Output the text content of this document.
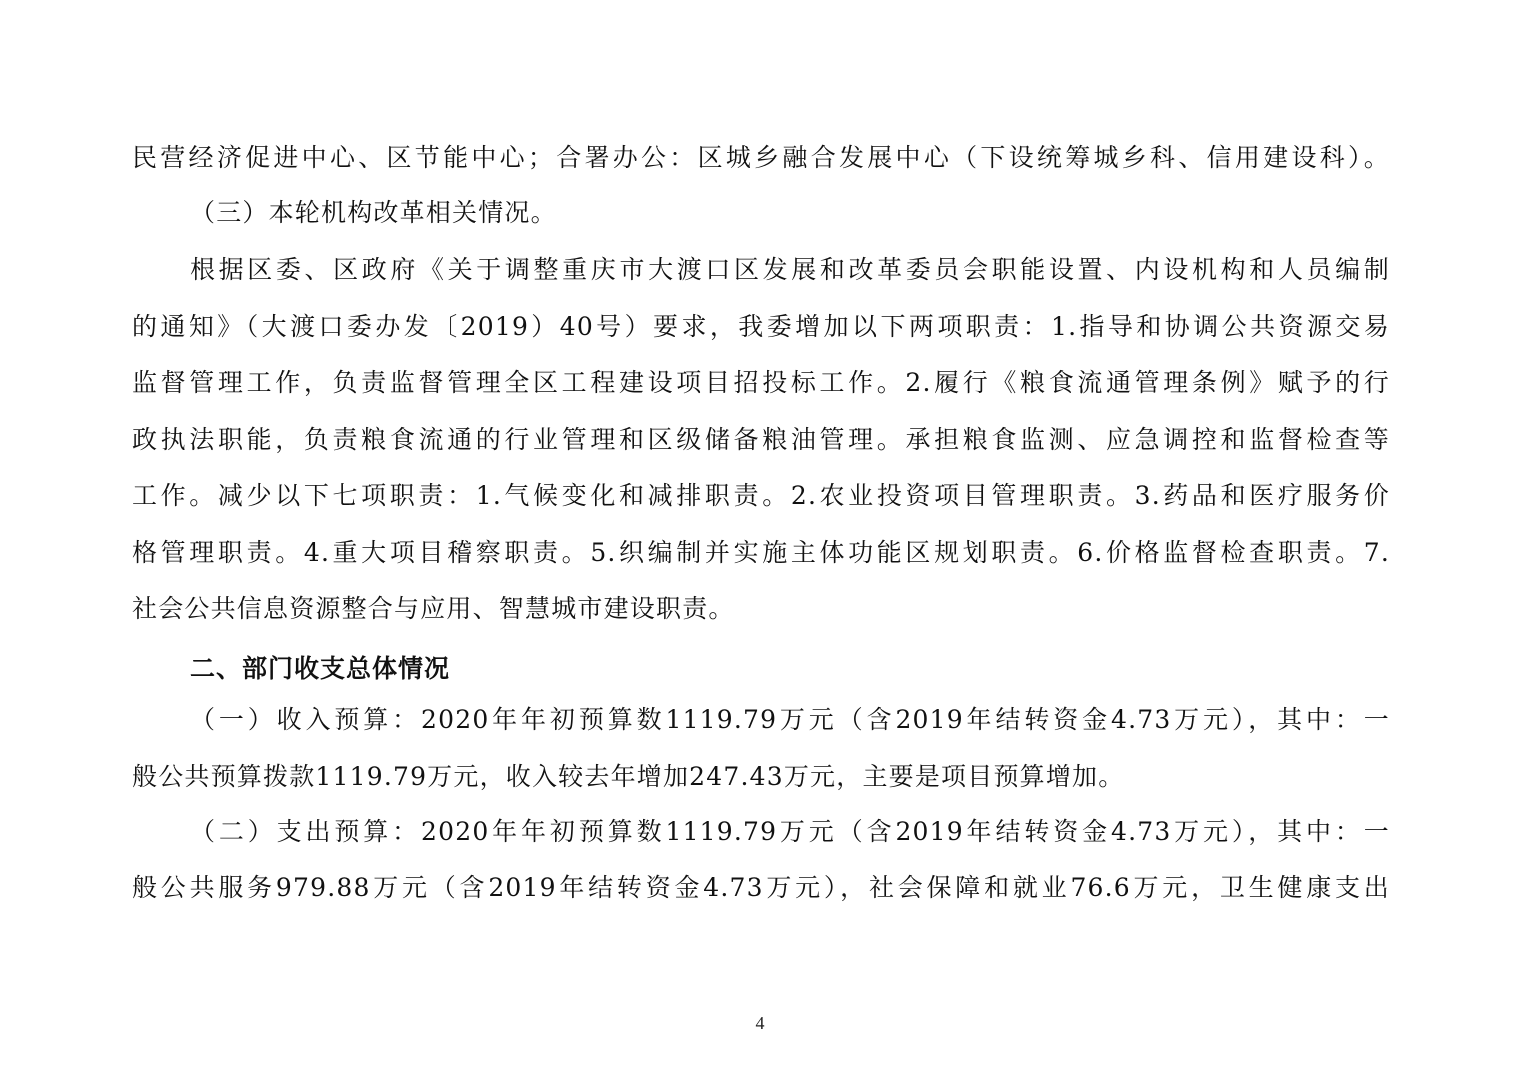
民营经济促进中心、区节能中心；合署办公：区城乡融合发展中心（下设统筹城乡科、信用建设科）。
（三）本轮机构改革相关情况。
根据区委、区政府《关于调整重庆市大渡口区发展和改革委员会职能设置、内设机构和人员编制
的通知》（大渡口委办发〔2019）40号）要求，我委增加以下两项职责：1.指导和协调公共资源交易
监督管理工作，负责监督管理全区工程建设项目招投标工作。2.履行《粮食流通管理条例》赋予的行
政执法职能，负责粮食流通的行业管理和区级储备粮油管理。承担粮食监测、应急调控和监督检查等
工作。减少以下七项职责：1.气候变化和减排职责。2.农业投资项目管理职责。3.药品和医疗服务价
格管理职责。4.重大项目稽察职责。5.织编制并实施主体功能区规划职责。6.价格监督检查职责。7.
社会公共信息资源整合与应用、智慧城市建设职责。
二、部门收支总体情况
（一）收入预算：2020年年初预算数1119.79万元（含2019年结转资金4.73万元），其中：一
般公共预算拨款1119.79万元，收入较去年增加247.43万元，主要是项目预算增加。
（二）支出预算：2020年年初预算数1119.79万元（含2019年结转资金4.73万元），其中：一
般公共服务979.88万元（含2019年结转资金4.73万元），社会保障和就业76.6万元，卫生健康支出
4
